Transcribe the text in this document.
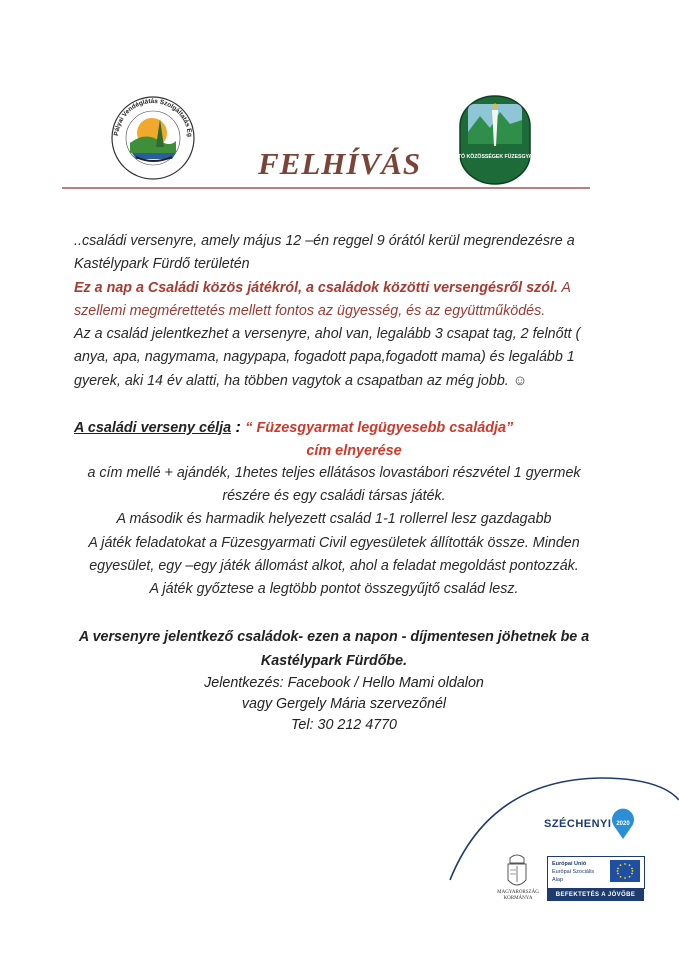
Pályai Vendéglátás Szolgáltatás Eg
ALKOTÓ KÖZÖSSÉGEK FÜZESGYARMAT
FELHÍVÁS
..családi versenyre, amely május 12 –én reggel 9 órától kerül megrendezésre a
Kastélypark Fürdő területén
Ez a nap a Családi közös játékról, a családok közötti versengésről szól. A
szellemi megmérettetés mellett fontos az ügyesség, és az együttműködés.
Az a család jelentkezhet a versenyre, ahol van, legalább 3 csapat tag, 2 felnőtt (
anya, apa, nagymama, nagypapa, fogadott papa,fogadott mama) és legalább 1
gyerek, aki 14 év alatti, ha többen vagytok a csapatban az még jobb. ☺
A családi verseny célja : “ Füzesgyarmat legügyesebb családja”
cím elnyerése
a cím mellé + ajándék, 1hetes teljes ellátásos lovastábori részvétel 1 gyermek
részére és egy családi társas játék.
A második és harmadik helyezett család 1-1 rollerrel lesz gazdagabb
A játék feladatokat a Füzesgyarmati Civil egyesületek állították össze. Minden
egyesület, egy –egy játék állomást alkot, ahol a feladat megoldást pontozzák.
A játék győztese a legtöbb pontot összegyűjtő család lesz.
A versenyre jelentkező családok- ezen a napon - díjmentesen jöhetnek be a
Kastélypark Fürdőbe.
Jelentkezés: Facebook / Hello Mami oldalon
vagy Gergely Mária szervezőnél
Tel: 30 212 4770
SZÉCHENYI 2020
MAGYARORSZÁG KORMÁNYA
Európai Unió
Európai Szociális
Alap
BEFEKTETÉS A JÖVŐBE
